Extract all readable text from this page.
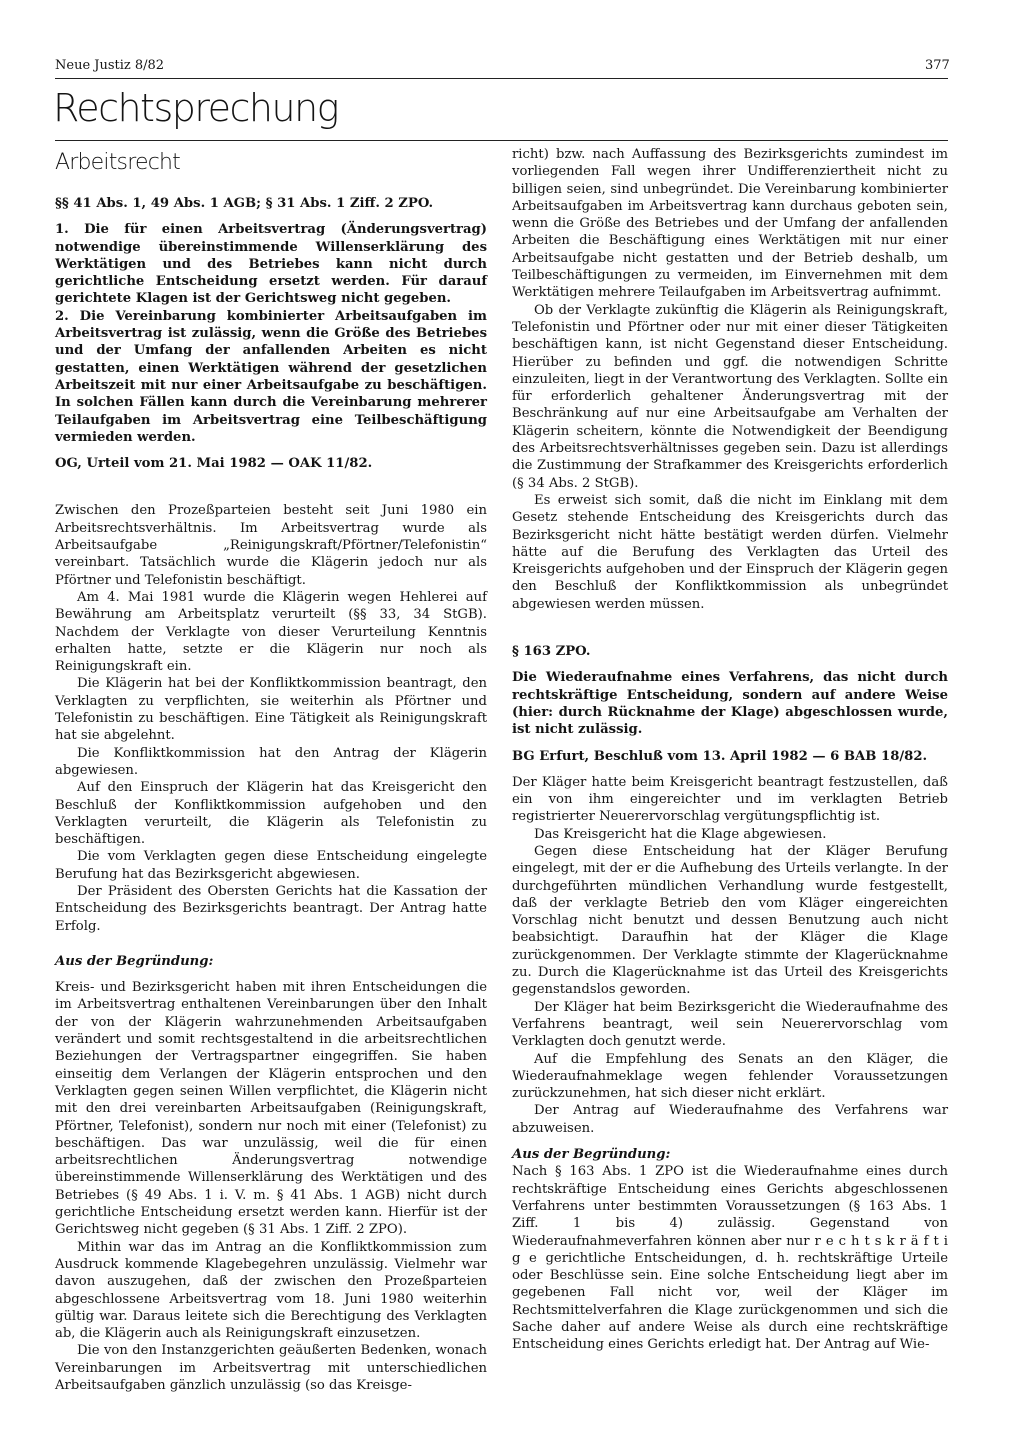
Neue Justiz 8/82	377
Rechtsprechung
Arbeitsrecht

§§ 41 Abs. 1, 49 Abs. 1 AGB; § 31 Abs. 1 Ziff. 2 ZPO.

1. Die für einen Arbeitsvertrag (Änderungsvertrag) notwendige übereinstimmende Willenserklärung des Werktätigen und des Betriebes kann nicht durch gerichtliche Entscheidung ersetzt werden. Für darauf gerichtete Klagen ist der Gerichtsweg nicht gegeben.

2. Die Vereinbarung kombinierter Arbeitsaufgaben im Arbeitsvertrag ist zulässig, wenn die Größe des Betriebes und der Umfang der anfallenden Arbeiten es nicht gestatten, einen Werktätigen während der gesetzlichen Arbeitszeit mit nur einer Arbeitsaufgabe zu beschäftigen. In solchen Fällen kann durch die Vereinbarung mehrerer Teilaufgaben im Arbeitsvertrag eine Teilbeschäftigung vermieden werden.

OG, Urteil vom 21. Mai 1982 — OAK 11/82.

Zwischen den Prozeßparteien besteht seit Juni 1980 ein Arbeitsrechtsverhältnis. Im Arbeitsvertrag wurde als Arbeitsaufgabe „Reinigungskraft/Pförtner/Telefonistin“ vereinbart. Tatsächlich wurde die Klägerin jedoch nur als Pförtner und Telefonistin beschäftigt.

Am 4. Mai 1981 wurde die Klägerin wegen Hehlerei auf Bewährung am Arbeitsplatz verurteilt (§§ 33, 34 StGB). Nachdem der Verklagte von dieser Verurteilung Kenntnis erhalten hatte, setzte er die Klägerin nur noch als Reinigungskraft ein.

Die Klägerin hat bei der Konfliktkommission beantragt, den Verklagten zu verpflichten, sie weiterhin als Pförtner und Telefonistin zu beschäftigen. Eine Tätigkeit als Reinigungskraft hat sie abgelehnt.

Die Konfliktkommission hat den Antrag der Klägerin abgewiesen.

Auf den Einspruch der Klägerin hat das Kreisgericht den Beschluß der Konfliktkommission aufgehoben und den Verklagten verurteilt, die Klägerin als Telefonistin zu beschäftigen.

Die vom Verklagten gegen diese Entscheidung eingelegte Berufung hat das Bezirksgericht abgewiesen.

Der Präsident des Obersten Gerichts hat die Kassation der Entscheidung des Bezirksgerichts beantragt. Der Antrag hatte Erfolg.

Aus der Begründung:

Kreis- und Bezirksgericht haben mit ihren Entscheidungen die im Arbeitsvertrag enthaltenen Vereinbarungen über den Inhalt der von der Klägerin wahrzunehmenden Arbeitsaufgaben verändert und somit rechtsgestaltend in die arbeitsrechtlichen Beziehungen der Vertragspartner eingegriffen. Sie haben einseitig dem Verlangen der Klägerin entsprochen und den Verklagten gegen seinen Willen verpflichtet, die Klägerin nicht mit den drei vereinbarten Arbeitsaufgaben (Reinigungskraft, Pförtner, Telefonist), sondern nur noch mit einer (Telefonist) zu beschäftigen. Das war unzulässig, weil die für einen arbeitsrechtlichen Änderungsvertrag notwendige übereinstimmende Willenserklärung des Werktätigen und des Betriebes (§ 49 Abs. 1 i. V. m. § 41 Abs. 1 AGB) nicht durch gerichtliche Entscheidung ersetzt werden kann. Hierfür ist der Gerichtsweg nicht gegeben (§ 31 Abs. 1 Ziff. 2 ZPO).

Mithin war das im Antrag an die Konfliktkommission zum Ausdruck kommende Klagebegehren unzulässig. Vielmehr war davon auszugehen, daß der zwischen den Prozeßparteien abgeschlossene Arbeitsvertrag vom 18. Juni 1980 weiterhin gültig war. Daraus leitete sich die Berechtigung des Verklagten ab, die Klägerin auch als Reinigungskraft einzusetzen.

Die von den Instanzgerichten geäußerten Bedenken, wonach Vereinbarungen im Arbeitsvertrag mit unterschiedlichen Arbeitsaufgaben gänzlich unzulässig (so das Kreisge-

richt) bzw. nach Auffassung des Bezirksgerichts zumindest im vorliegenden Fall wegen ihrer Undifferenziertheit nicht zu billigen seien, sind unbegründet. Die Vereinbarung kombinierter Arbeitsaufgaben im Arbeitsvertrag kann durchaus geboten sein, wenn die Größe des Betriebes und der Umfang der anfallenden Arbeiten die Beschäftigung eines Werktätigen mit nur einer Arbeitsaufgabe nicht gestatten und der Betrieb deshalb, um Teilbeschäftigungen zu vermeiden, im Einvernehmen mit dem Werktätigen mehrere Teilaufgaben im Arbeitsvertrag aufnimmt.

Ob der Verklagte zukünftig die Klägerin als Reinigungskraft, Telefonistin und Pförtner oder nur mit einer dieser Tätigkeiten beschäftigen kann, ist nicht Gegenstand dieser Entscheidung. Hierüber zu befinden und ggf. die notwendigen Schritte einzuleiten, liegt in der Verantwortung des Verklagten. Sollte ein für erforderlich gehaltener Änderungsvertrag mit der Beschränkung auf nur eine Arbeitsaufgabe am Verhalten der Klägerin scheitern, könnte die Notwendigkeit der Beendigung des Arbeitsrechtsverhältnisses gegeben sein. Dazu ist allerdings die Zustimmung der Strafkammer des Kreisgerichts erforderlich (§ 34 Abs. 2 StGB).

Es erweist sich somit, daß die nicht im Einklang mit dem Gesetz stehende Entscheidung des Kreisgerichts durch das Bezirksgericht nicht hätte bestätigt werden dürfen. Vielmehr hätte auf die Berufung des Verklagten das Urteil des Kreisgerichts aufgehoben und der Einspruch der Klägerin gegen den Beschluß der Konfliktkommission als unbegründet abgewiesen werden müssen.

§ 163 ZPO.

Die Wiederaufnahme eines Verfahrens, das nicht durch rechtskräftige Entscheidung, sondern auf andere Weise (hier: durch Rücknahme der Klage) abgeschlossen wurde, ist nicht zulässig.

BG Erfurt, Beschluß vom 13. April 1982 — 6 BAB 18/82.

Der Kläger hatte beim Kreisgericht beantragt festzustellen, daß ein von ihm eingereichter und im verklagten Betrieb registrierter Neuerervorschlag vergütungspflichtig ist.

Das Kreisgericht hat die Klage abgewiesen.

Gegen diese Entscheidung hat der Kläger Berufung eingelegt, mit der er die Aufhebung des Urteils verlangte. In der durchgeführten mündlichen Verhandlung wurde festgestellt, daß der verklagte Betrieb den vom Kläger eingereichten Vorschlag nicht benutzt und dessen Benutzung auch nicht beabsichtigt. Daraufhin hat der Kläger die Klage zurückgenommen. Der Verklagte stimmte der Klagerücknahme zu. Durch die Klagerücknahme ist das Urteil des Kreisgerichts gegenstandslos geworden.

Der Kläger hat beim Bezirksgericht die Wiederaufnahme des Verfahrens beantragt, weil sein Neuerervorschlag vom Verklagten doch genutzt werde.

Auf die Empfehlung des Senats an den Kläger, die Wiederaufnahmeklage wegen fehlender Voraussetzungen zurückzunehmen, hat sich dieser nicht erklärt.

Der Antrag auf Wiederaufnahme des Verfahrens war abzuweisen.

Aus der Begründung:

Nach § 163 Abs. 1 ZPO ist die Wiederaufnahme eines durch rechtskräftige Entscheidung eines Gerichts abgeschlossenen Verfahrens unter bestimmten Voraussetzungen (§ 163 Abs. 1 Ziff. 1 bis 4) zulässig. Gegenstand von Wiederaufnahmeverfahren können aber nur r e c h t s k r ä f t i g e gerichtliche Entscheidungen, d. h. rechtskräftige Urteile oder Beschlüsse sein. Eine solche Entscheidung liegt aber im gegebenen Fall nicht vor, weil der Kläger im Rechtsmittelverfahren die Klage zurückgenommen und sich die Sache daher auf andere Weise als durch eine rechtskräftige Entscheidung eines Gerichts erledigt hat. Der Antrag auf Wie-
